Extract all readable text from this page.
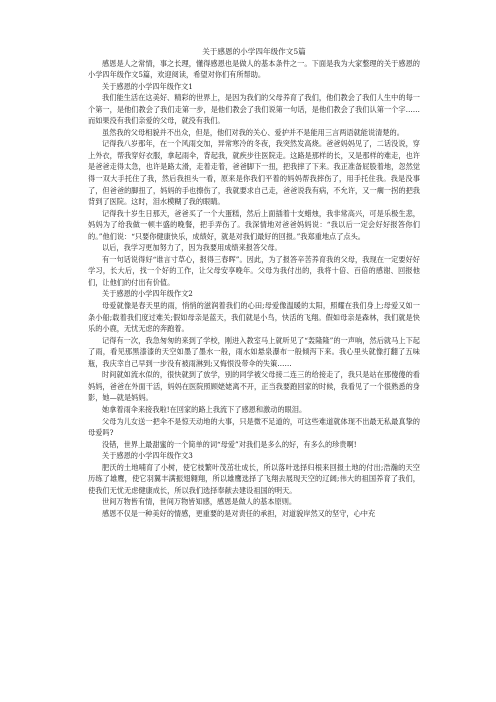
关于感恩的小学四年级作文5篇

感恩是人之常情，事之长理，懂得感恩也是做人的基本条件之一。下面是我为大家整理的关于感恩的小学四年级作文5篇，欢迎阅读，希望对你们有所帮助。

关于感恩的小学四年级作文1

我们能生活在这美好、精彩的世界上，是因为我们的父母养育了我们，他们教会了我们人生中的每一个第一，是他们教会了我们走第一步，是他们教会了我们说第一句话，是他们教会了我们认第一个字……而如果没有我们亲爱的父母，就没有我们。

虽然我的父母相貌并不出众，但是，他们对我的关心、爱护并不是能用三言两语就能说清楚的。

记得我八岁那年，在一个风雨交加，异常寒冷的冬夜，我突然发高烧。爸爸妈妈见了，二话没说，穿上外衣，帮我穿好衣服，拿起雨伞，背起我，就疾步往医院走。这路是那样的长，又是那样的难走，也许是爸爸走得太急，也许是路太滑，走着走着，爸爸脚下一扭，把我摔了下来。我正准备屁股着地，忽然觉得一双大手托住了我，然后我担头一看，原来是你我们平着的妈妈帮我摔伤了，用手托住我。我是没事了，但爸爸的脚扭了，妈妈的手也擦伤了，我就要求自己走，爸爸说我有病，不允许，又一瘸一拐的把我背到了医院。这时，泪水模糊了我的眼睛。

记得我十岁生日那天，爸爸买了一个大蛋糕，然后上面插着十支蜡烛，我非常高兴，可是乐极生悲，妈妈为了给我做一顿丰盛的晚餐，把手弄伤了。我深情地对爸爸妈妈说：“我以后一定会好好报答你们的。”他们说：“只要你健康快乐，成绩好，就是对我们最好的回报。”我郑重地点了点头。

以后，我学习更加努力了，因为我要用成绩来报答父母。

有一句话说得好“谁言寸草心，报得三春晖”。因此，为了报答辛苦养育我的父母，我现在一定要好好学习，长大后，找一个好的工作，让父母安享晚年。父母为我付出的，我将十倍、百倍的感谢、回报他们，让他们的付出有价值。

关于感恩的小学四年级作文2

母爱就像是春天里的雨，悄悄的滋润着我们的心田;母爱像温暖的太阳，照耀在我们身上;母爱又如一条小船;载着我们度过难关;假如母亲是蓝天，我们就是小鸟，快活的飞翔。假如母亲是森林，我们就是快乐的小鹿，无忧无虑的奔跑着。

记得有一次，我急匆匆的来到了学校，刚进入教室马上就听见了“轰隆隆”的一声响，然后就马上下起了雨，看见那黑漆漆的天空如墨了墨水一般，雨水如悬泉瀑布一般倾泻下来。我心里头就像打翻了五味瓶，我庆幸自己早到一步没有被雨淋到;又悔恨没带伞的失策……

时间就如流水似的，很快就到了放学，别的同学被父母接二连三的给接走了，我只是站在那傻傻的看妈妈，爸爸在外面干活，妈妈在医院照顾姥姥离不开，正当我要跑回家的时候，我看见了一个很熟悉的身影，她—就是妈妈。

她拿着雨伞来接我啦!在回家的路上我流下了感恩和激动的眼泪。

父母为儿女送一把伞不是惊天动地的大事，只是微不足道的，可这些难道就体现不出最无私最真挚的母爱吗?

没错，世界上最甜蜜的一个简单的词“母爱”对我们是多么的好，有多么的珍贵啊!

关于感恩的小学四年级作文3

肥沃的土地哺育了小树，使它枝繁叶茂茁壮成长，所以落叶选择归根来回报土地的付出;浩瀚的天空历练了雄鹰，使它羽翼丰满振翅翱翔，所以雄鹰选择了飞翔去展现天空的辽阔;伟大的祖国养育了我们，使我们无忧无虑健康成长，所以我们选择奉献去建设祖国的明天。

世间万物皆有情，世间万物皆知感，感恩是做人的基本原则。

感恩不仅是一种美好的情感，更重要的是对责任的承担，对道貌岸然又的坚守，心中充
